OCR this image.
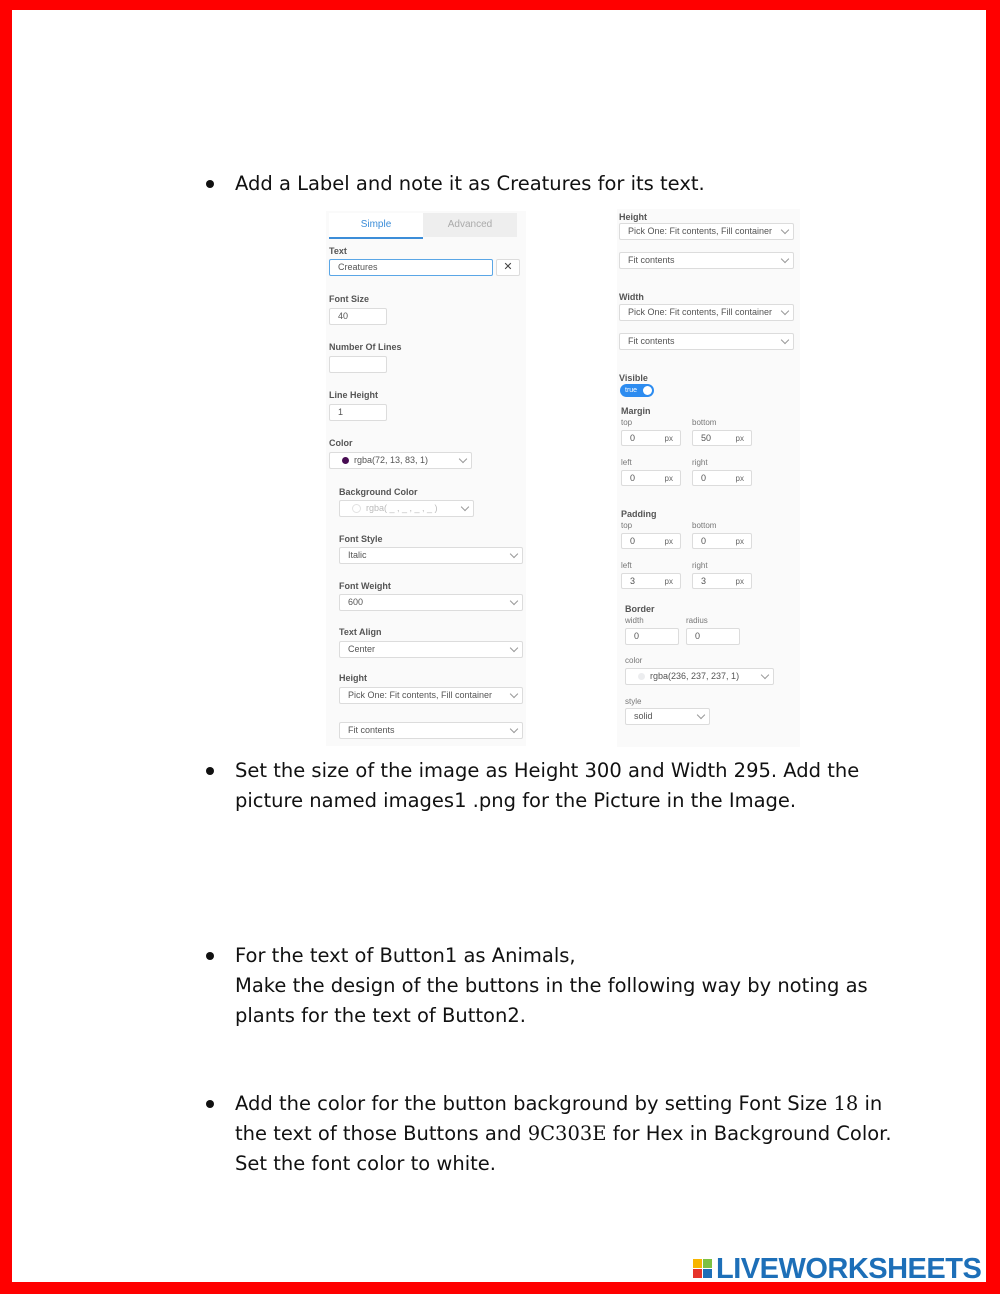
Add a Label and note it as Creatures for its text.
Simple	Advanced
Text
Creatures	✕
Font Size
40
Number Of Lines
Line Height
1
Color
rgba(72, 13, 83, 1)
Background Color
rgba( _ , _ , _ , _ )
Font Style
Italic
Font Weight
600
Text Align
Center
Height
Pick One: Fit contents, Fill container
Fit contents
Height
Pick One: Fit contents, Fill container
Fit contents
Width
Pick One: Fit contents, Fill container
Fit contents
Visible
true
Margin
top	bottom
0	px	50	px
left	right
0	px	0	px
Padding
top	bottom
0	px	0	px
left	right
3	px	3	px
Border
width	radius
0	0
color
rgba(236, 237, 237, 1)
style
solid
Set the size of the image as Height 300 and Width 295. Add the picture named images1 .png for the Picture in the Image.
For the text of Button1 as Animals,
Make the design of the buttons in the following way by noting as plants for the text of Button2.
Add the color for the button background by setting Font Size 18 in the text of those Buttons and 9C303E for Hex in Background Color. Set the font color to white.
LIVEWORKSHEETS
